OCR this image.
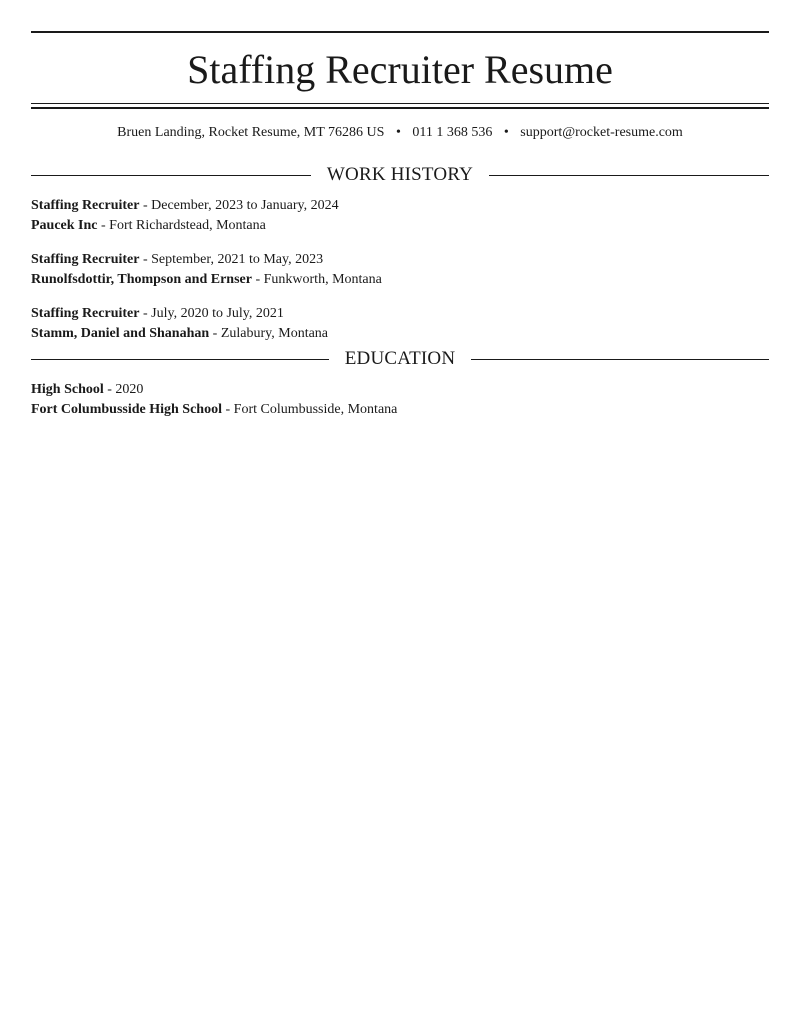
Staffing Recruiter Resume
Bruen Landing, Rocket Resume, MT 76286 US • 011 1 368 536 • support@rocket-resume.com
WORK HISTORY
Staffing Recruiter - December, 2023 to January, 2024
Paucek Inc - Fort Richardstead, Montana
Staffing Recruiter - September, 2021 to May, 2023
Runolfsdottir, Thompson and Ernser - Funkworth, Montana
Staffing Recruiter - July, 2020 to July, 2021
Stamm, Daniel and Shanahan - Zulabury, Montana
EDUCATION
High School - 2020
Fort Columbusside High School - Fort Columbusside, Montana
